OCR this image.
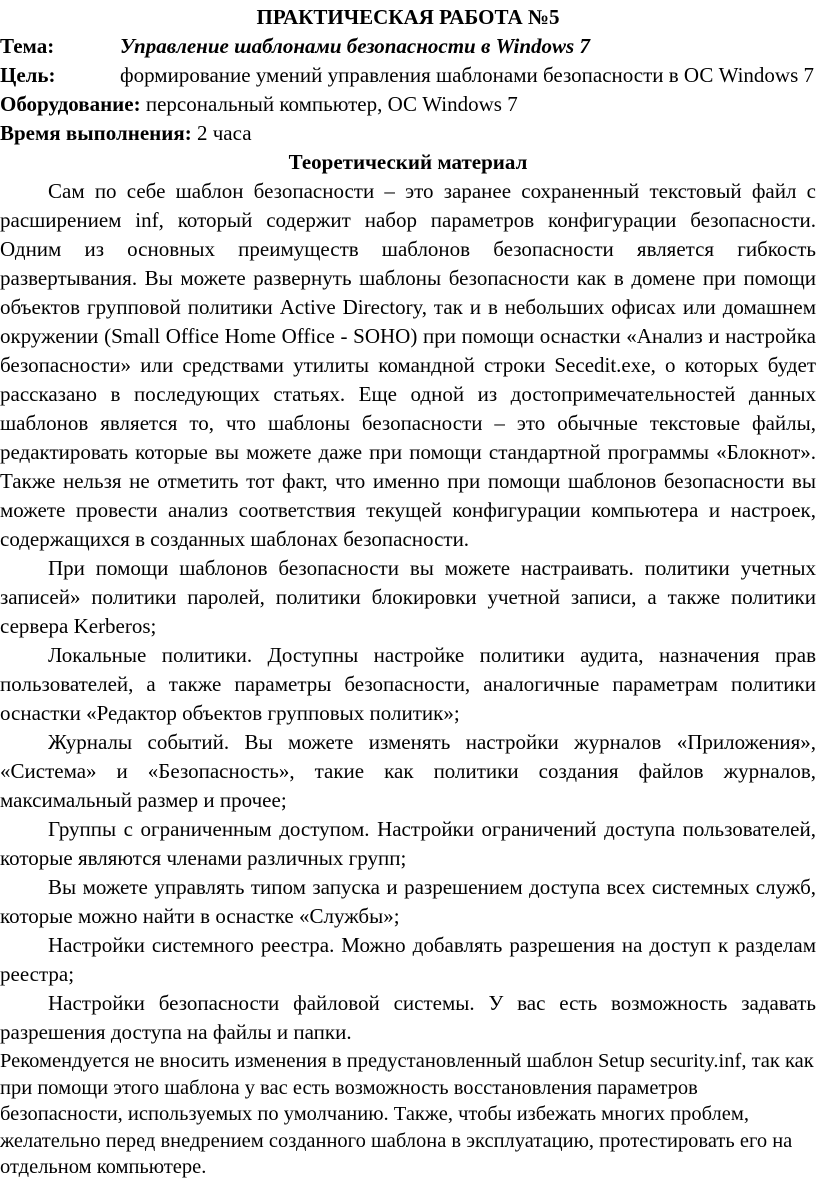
ПРАКТИЧЕСКАЯ РАБОТА №5
Тема:	Управление шаблонами безопасности в Windows 7
Цель:	формирование умений управления шаблонами безопасности в ОС Windows 7
Оборудование: персональный компьютер, ОС Windows 7
Время выполнения: 2 часа
Теоретический материал

Сам по себе шаблон безопасности – это заранее сохраненный текстовый файл с расширением inf, который содержит набор параметров конфигурации безопасности. Одним из основных преимуществ шаблонов безопасности является гибкость развертывания. Вы можете развернуть шаблоны безопасности как в домене при помощи объектов групповой политики Active Directory, так и в небольших офисах или домашнем окружении (Small Office Home Office - SOHO) при помощи оснастки «Анализ и настройка безопасности» или средствами утилиты командной строки Secedit.exe, о которых будет рассказано в последующих статьях. Еще одной из достопримечательностей данных шаблонов является то, что шаблоны безопасности – это обычные текстовые файлы, редактировать которые вы можете даже при помощи стандартной программы «Блокнот». Также нельзя не отметить тот факт, что именно при помощи шаблонов безопасности вы можете провести анализ соответствия текущей конфигурации компьютера и настроек, содержащихся в созданных шаблонах безопасности.

При помощи шаблонов безопасности вы можете настраивать. политики учетных записей» политики паролей, политики блокировки учетной записи, а также политики сервера Kerberos;

Локальные политики. Доступны настройке политики аудита, назначения прав пользователей, а также параметры безопасности, аналогичные параметрам политики оснастки «Редактор объектов групповых политик»;

Журналы событий. Вы можете изменять настройки журналов «Приложения», «Система» и «Безопасность», такие как политики создания файлов журналов, максимальный размер и прочее;

Группы с ограниченным доступом. Настройки ограничений доступа пользователей, которые являются членами различных групп;

Вы можете управлять типом запуска и разрешением доступа всех системных служб, которые можно найти в оснастке «Службы»;

Настройки системного реестра. Можно добавлять разрешения на доступ к разделам реестра;

Настройки безопасности файловой системы. У вас есть возможность задавать разрешения доступа на файлы и папки.

Рекомендуется не вносить изменения в предустановленный шаблон Setup security.inf, так как при помощи этого шаблона у вас есть возможность восстановления параметров безопасности, используемых по умолчанию. Также, чтобы избежать многих проблем, желательно перед внедрением созданного шаблона в эксплуатацию, протестировать его на отдельном компьютере.
